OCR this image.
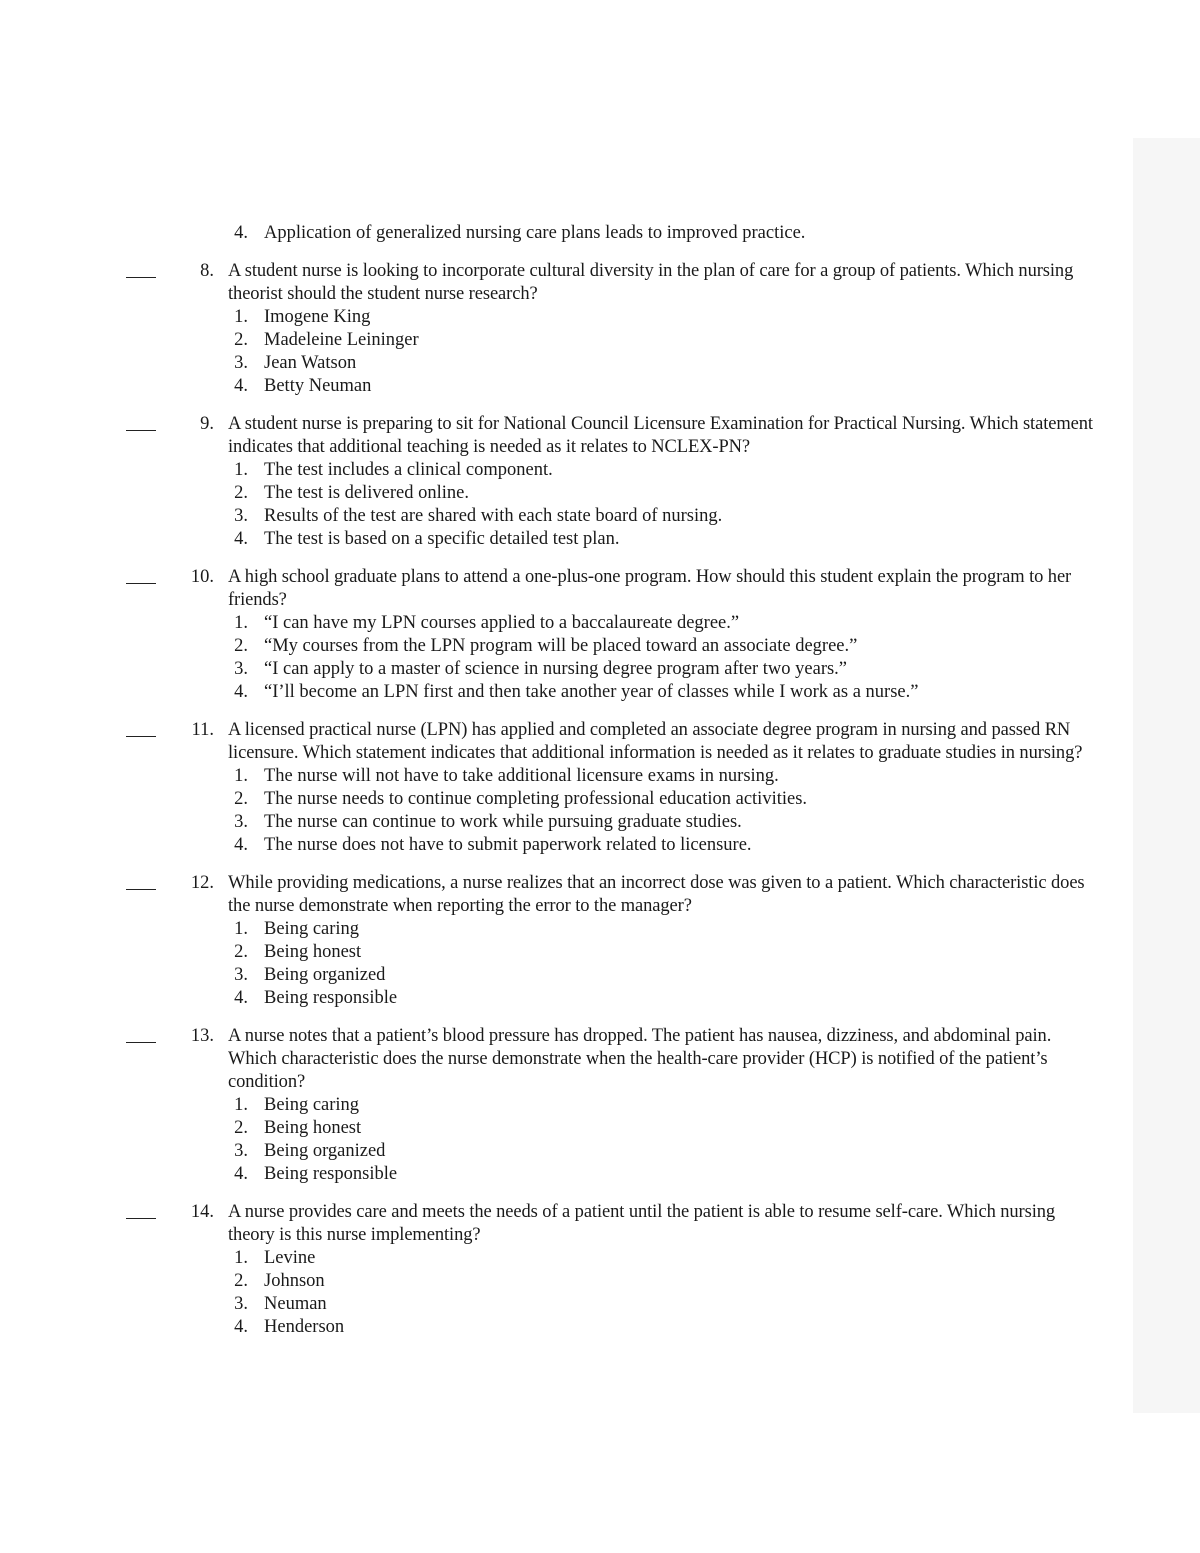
4. Application of generalized nursing care plans leads to improved practice.
8. A student nurse is looking to incorporate cultural diversity in the plan of care for a group of patients. Which nursing theorist should the student nurse research?
1. Imogene King
2. Madeleine Leininger
3. Jean Watson
4. Betty Neuman
9. A student nurse is preparing to sit for National Council Licensure Examination for Practical Nursing. Which statement indicates that additional teaching is needed as it relates to NCLEX-PN?
1. The test includes a clinical component.
2. The test is delivered online.
3. Results of the test are shared with each state board of nursing.
4. The test is based on a specific detailed test plan.
10. A high school graduate plans to attend a one-plus-one program. How should this student explain the program to her friends?
1. “I can have my LPN courses applied to a baccalaureate degree.”
2. “My courses from the LPN program will be placed toward an associate degree.”
3. “I can apply to a master of science in nursing degree program after two years.”
4. “I’ll become an LPN first and then take another year of classes while I work as a nurse.”
11. A licensed practical nurse (LPN) has applied and completed an associate degree program in nursing and passed RN licensure. Which statement indicates that additional information is needed as it relates to graduate studies in nursing?
1. The nurse will not have to take additional licensure exams in nursing.
2. The nurse needs to continue completing professional education activities.
3. The nurse can continue to work while pursuing graduate studies.
4. The nurse does not have to submit paperwork related to licensure.
12. While providing medications, a nurse realizes that an incorrect dose was given to a patient. Which characteristic does the nurse demonstrate when reporting the error to the manager?
1. Being caring
2. Being honest
3. Being organized
4. Being responsible
13. A nurse notes that a patient’s blood pressure has dropped. The patient has nausea, dizziness, and abdominal pain. Which characteristic does the nurse demonstrate when the health-care provider (HCP) is notified of the patient’s condition?
1. Being caring
2. Being honest
3. Being organized
4. Being responsible
14. A nurse provides care and meets the needs of a patient until the patient is able to resume self-care. Which nursing theory is this nurse implementing?
1. Levine
2. Johnson
3. Neuman
4. Henderson
